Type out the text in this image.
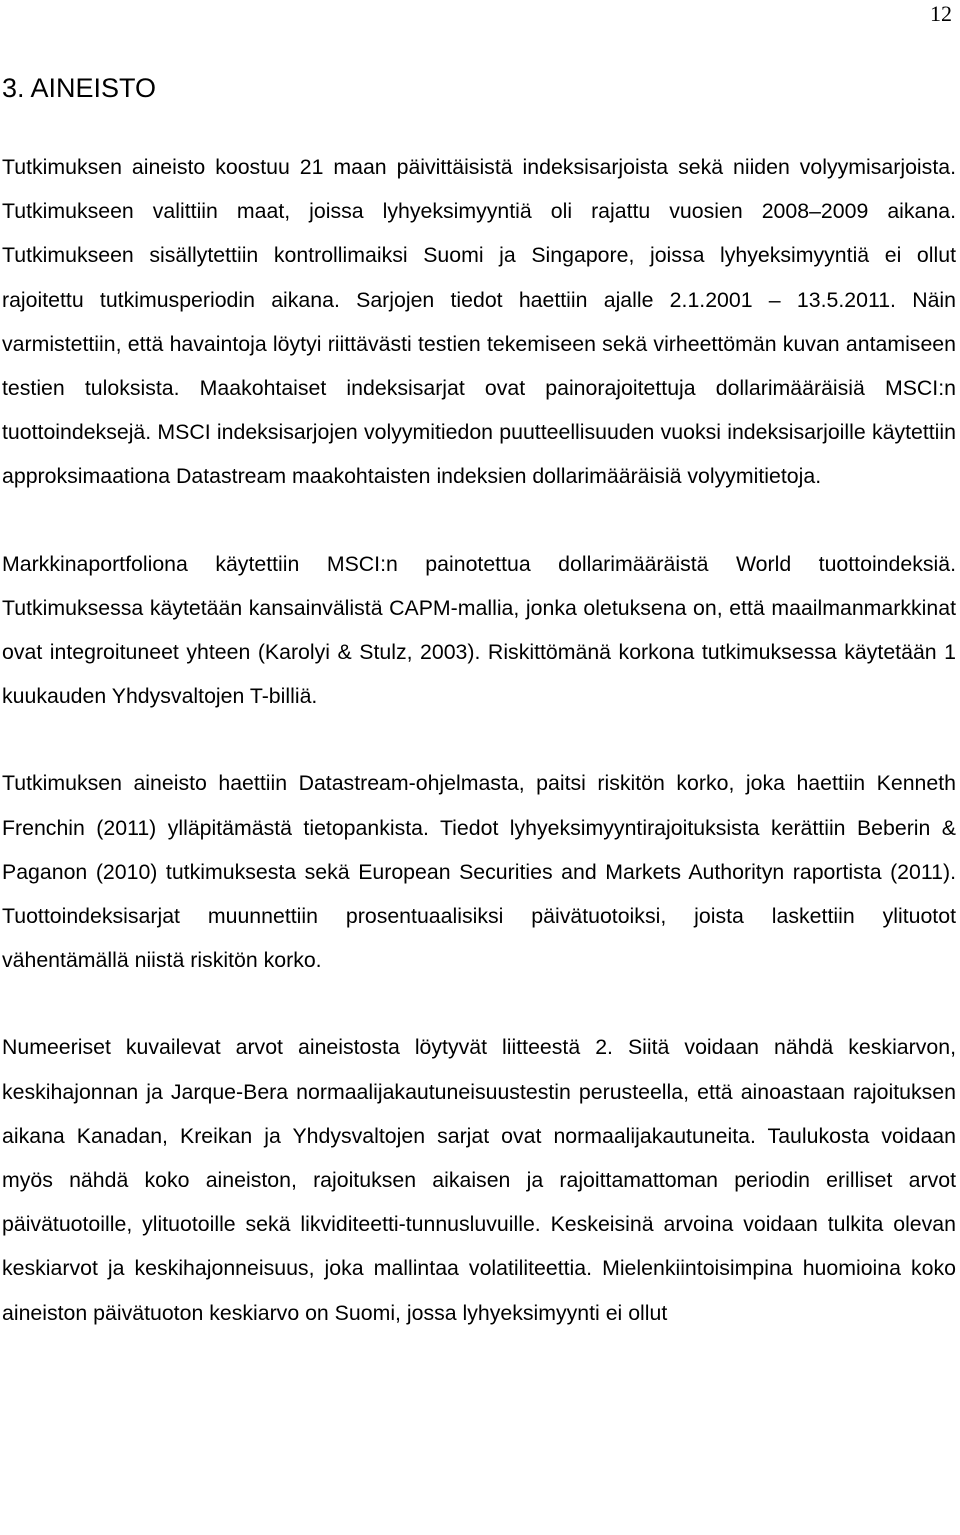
12
3. AINEISTO

Tutkimuksen aineisto koostuu 21 maan päivittäisistä indeksisarjoista sekä niiden volyymisarjoista. Tutkimukseen valittiin maat, joissa lyhyeksimyyntiä oli rajattu vuosien 2008–2009 aikana. Tutkimukseen sisällytettiin kontrollimaiksi Suomi ja Singapore, joissa lyhyeksimyyntiä ei ollut rajoitettu tutkimusperiodin aikana. Sarjojen tiedot haettiin ajalle 2.1.2001 – 13.5.2011. Näin varmistettiin, että havaintoja löytyi riittävästi testien tekemiseen sekä virheettömän kuvan antamiseen testien tuloksista. Maakohtaiset indeksisarjat ovat painorajoitettuja dollarimääräisiä MSCI:n tuottoindeksejä. MSCI indeksisarjojen volyymitiedon puutteellisuuden vuoksi indeksisarjoille käytettiin approksimaationa Datastream maakohtaisten indeksien dollarimääräisiä volyymitietoja.

Markkinaportfoliona käytettiin MSCI:n painotettua dollarimääräistä World tuottoindeksiä. Tutkimuksessa käytetään kansainvälistä CAPM-mallia, jonka oletuksena on, että maailmanmarkkinat ovat integroituneet yhteen (Karolyi & Stulz, 2003). Riskittömänä korkona tutkimuksessa käytetään 1 kuukauden Yhdysvaltojen T-billiä.

Tutkimuksen aineisto haettiin Datastream-ohjelmasta, paitsi riskitön korko, joka haettiin Kenneth Frenchin (2011) ylläpitämästä tietopankista. Tiedot lyhyeksimyyntirajoituksista kerättiin Beberin & Paganon (2010) tutkimuksesta sekä European Securities and Markets Authorityn raportista (2011). Tuottoindeksisarjat muunnettiin prosentuaalisiksi päivätuotoiksi, joista laskettiin ylituotot vähentämällä niistä riskitön korko.

Numeeriset kuvailevat arvot aineistosta löytyvät liitteestä 2. Siitä voidaan nähdä keskiarvon, keskihajonnan ja Jarque-Bera normaalijakautuneisuustestin perusteella, että ainoastaan rajoituksen aikana Kanadan, Kreikan ja Yhdysvaltojen sarjat ovat normaalijakautuneita. Taulukosta voidaan myös nähdä koko aineiston, rajoituksen aikaisen ja rajoittamattoman periodin erilliset arvot päivätuotoille, ylituotoille sekä likviditeetti-tunnusluvuille. Keskeisinä arvoina voidaan tulkita olevan keskiarvot ja keskihajonneisuus, joka mallintaa volatiliteettia. Mielenkiintoisimpina huomioina koko aineiston päivätuoton keskiarvo on Suomi, jossa lyhyeksimyynti ei ollut
